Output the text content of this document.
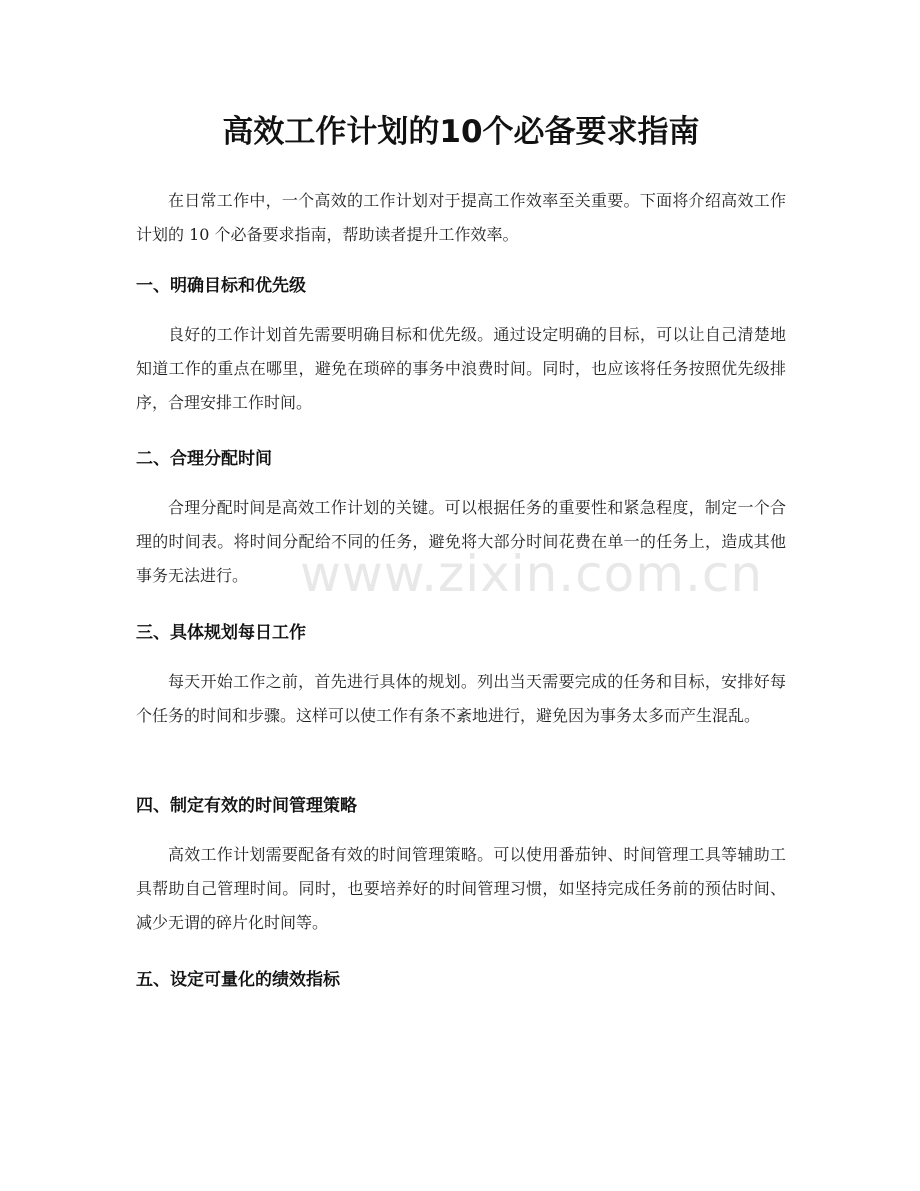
高效工作计划的10个必备要求指南

在日常工作中，一个高效的工作计划对于提高工作效率至关重要。下面将介绍高效工作计划的 10 个必备要求指南，帮助读者提升工作效率。

一、明确目标和优先级

良好的工作计划首先需要明确目标和优先级。通过设定明确的目标，可以让自己清楚地知道工作的重点在哪里，避免在琐碎的事务中浪费时间。同时，也应该将任务按照优先级排序，合理安排工作时间。

二、合理分配时间

合理分配时间是高效工作计划的关键。可以根据任务的重要性和紧急程度，制定一个合理的时间表。将时间分配给不同的任务，避免将大部分时间花费在单一的任务上，造成其他事务无法进行。

三、具体规划每日工作

每天开始工作之前，首先进行具体的规划。列出当天需要完成的任务和目标，安排好每个任务的时间和步骤。这样可以使工作有条不紊地进行，避免因为事务太多而产生混乱。

四、制定有效的时间管理策略

高效工作计划需要配备有效的时间管理策略。可以使用番茄钟、时间管理工具等辅助工具帮助自己管理时间。同时，也要培养好的时间管理习惯，如坚持完成任务前的预估时间、减少无谓的碎片化时间等。

五、设定可量化的绩效指标

www.zixin.com.cn
